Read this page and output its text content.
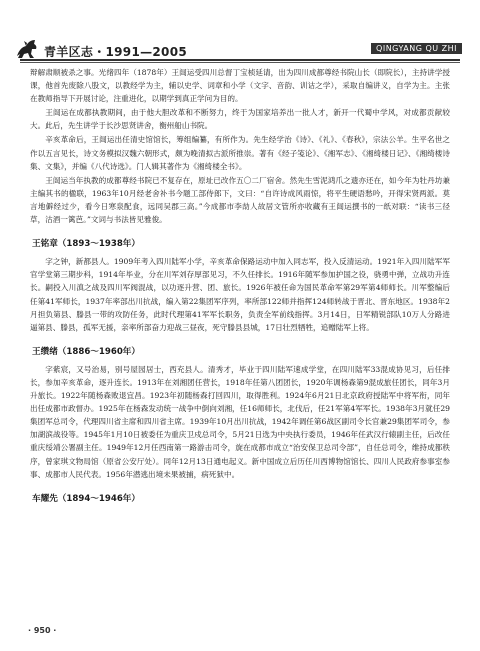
青羊区志・1991—2005	QINGYANG QU ZHI

辩解肃顺被杀之事。光绪四年（1878年）王闿运受四川总督丁宝桢延请，出为四川成都尊经书院山长（即院长），主持讲学授课，他首先废除八股文，以教经学为主，辅以史学、词章和小学（文字、音韵、训诂之学），采取自编讲义，自学为主。主张在教师指导下开展讨论，注重进化，以期学到真正学问为目的。

王闿运在成都执教期间，由于他大胆改革和不断努力，终于为国家培养出一批人才，新开一代蜀中学风，对成都贡献较大。此后，先生讲学于长沙思贤讲舍，衡州船山书院。

辛亥革命后，王闿运出任清史馆馆长，筹组编纂，有所作为。先生经学治《诗》、《礼》、《春秋》，宗法公羊。生平名世之作以五言见长，诗文务模拟汉魏六朝形式，颇为晚清拟古派所推崇。著有《经子笺论》、《湘军志》、《湘绮楼日记》、《湘绮楼诗集、文集》，并编《八代诗选》。门人辑其著作为《湘绮楼全书》。

王闿运当年执教的成都尊经书院已不复存在，原址已改作五〇二厂宿舍。然先生雪泥鸿爪之遗亦还在，如今年为牡丹坊兼主编其书的楹联，1963年10月经老舍补书今题工部侍郎下，文曰：“自许诗成风雨惊，将平生硬语愁吟，开得宋贤两派。莫言地僻经过少，看今日寒泉配食，远同吴郡三高。”今成都市李劼人故居文管所亦收藏有王闿运撰书的一纸对联：“读书三径草，沽酒一篱芭。”文词与书法皆见雅俊。

王铭章（1893～1938年）

字之钟，新都县人。1909年考入四川陆军小学，辛亥革命保路运动中加入同志军，投入反清运动。1921年入四川陆军军官学堂第三期步科，1914年毕业，分在川军刘存厚部见习，不久任排长。1916年随军参加护国之役，骁勇中弹，立战功升连长。嗣投入川滇之战及四川军阀混战，以功逐升营、团、旅长。1926年被任命为国民革命军第29军第4师师长。川军整编后任第41军师长，1937年率部出川抗战，编入第22集团军序列，率所部122师并指挥124师转战于晋北、晋东地区。1938年2月担负第县、滕县一带的攻防任务，此时代理第41军军长职务，负责全军前线指挥。3月14日，日军精锐部队10万人分路进逼第县、滕县，孤军无援，亲率所部奋力迎战三昼夜，死守滕县县城，17日壮烈牺牲，追赠陆军上将。

王缵绪（1886～1960年）

字紫宸，又号治易，别号屋园居士，西充县人。清秀才，毕业于四川陆军速成学堂，在四川陆军33混成协见习，后任排长，参加辛亥革命，逐升连长。1913年在刘湘团任营长，1918年任第八团团长，1920年调杨森第9混成旅任团长，同年3月升旅长。1922年随杨森败退宜昌。1923年初随杨森打回四川，取得胜利。1924年6月21日北京政府授陆军中将军衔，同年出任成都市政督办。1925年在杨森发动统一战争中倒向刘湘，任16师师长，北伐后，任21军第4军军长。1938年3月就任29集团军总司令，代理四川省主席和四川省主席。1939年10月出川抗战，1942年调任第6战区副司令长官兼29集团军司令，参加湖滨战役等。1945年1月10日被委任为重庆卫戍总司令，5月21日选为中央执行委员，1946年任武汉行辕副主任，后改任重庆绥靖公署副主任。1949年12月任西南第一路游击司令，旋在成都市成立“治安保卫总司令部”，自任总司令，维持成都秩序，曾家琪文物局馆（原省公安厅处）。同年12月13日通电起义。新中国成立后历任川西博物馆馆长、四川人民政府参事室参事、成都市人民代表。1956年潜逃出境未果被捕，病死狱中。

车耀先（1894～1946年）
· 950 ·
